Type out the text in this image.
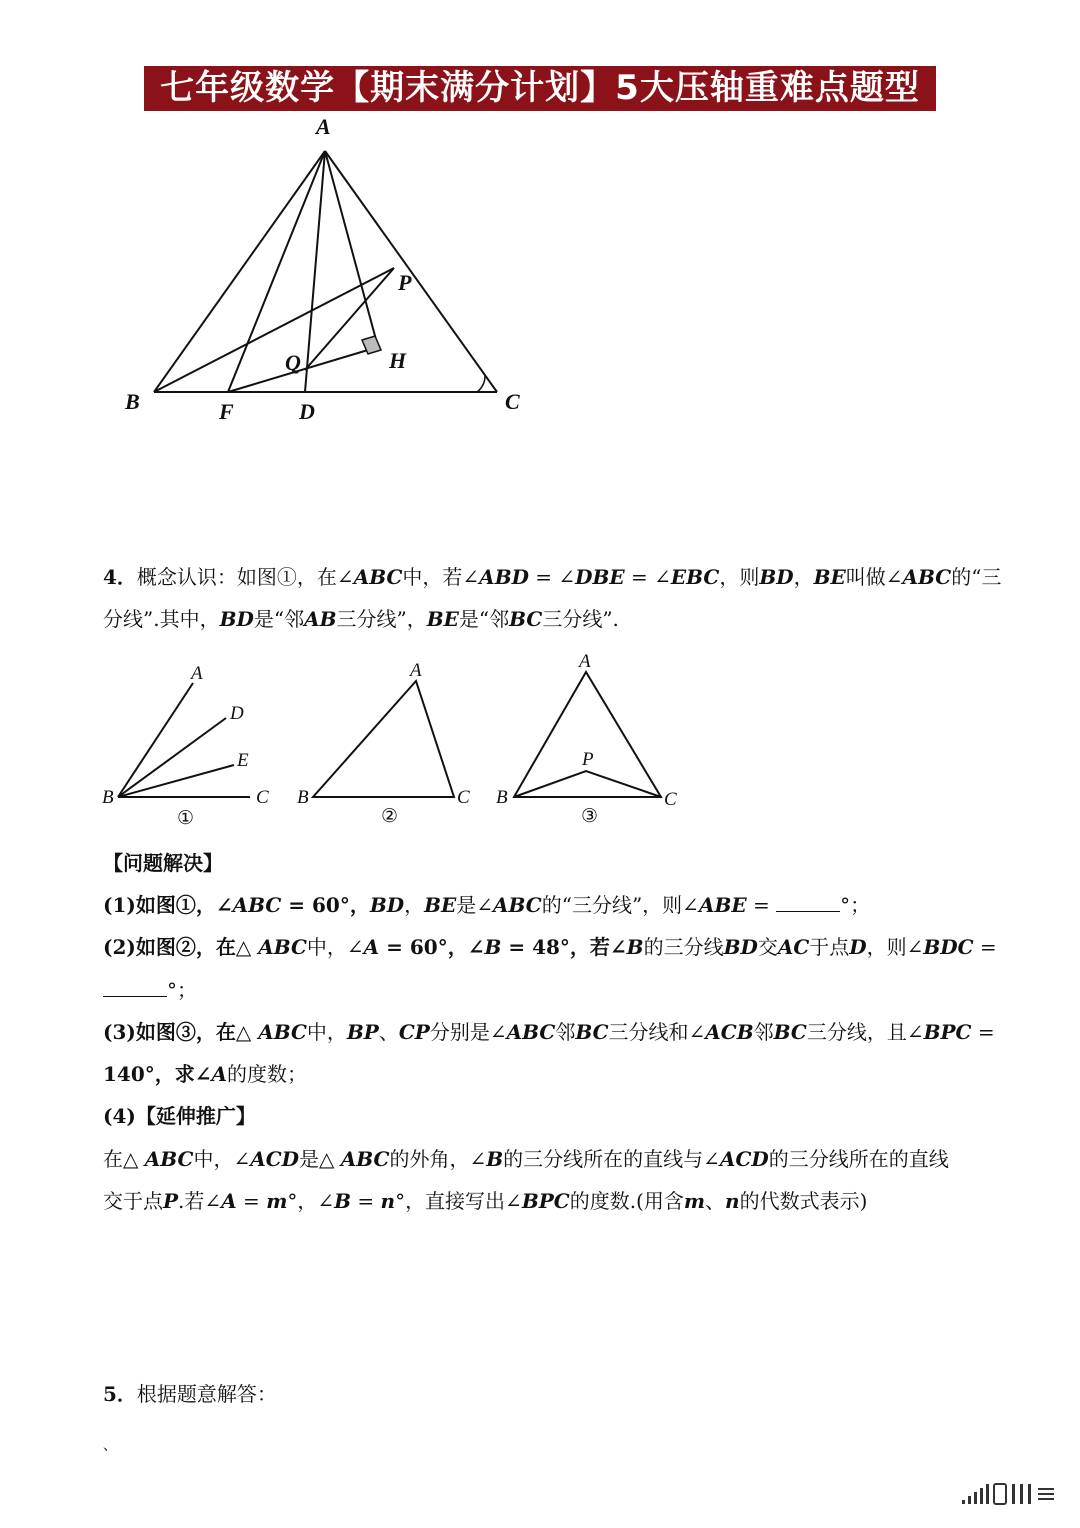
七年级数学【期末满分计划】5大压轴重难点题型
A
P
Q	H
B	F	D	C
4．概念认识：如图①，在∠ABC中，若∠ABD = ∠DBE = ∠EBC，则BD，BE叫做∠ABC的“三
分线”.其中，BD是“邻AB三分线”，BE是“邻BC三分线”.
A
D
E
B	C
①
A
B	C
②
A
P
B	C
③
【问题解决】
(1)如图①，∠ABC = 60°，BD，BE是∠ABC的“三分线”，则∠ABE =	°；
(2)如图②，在△ ABC中，∠A = 60°，∠B = 48°，若∠B的三分线BD交AC于点D，则∠BDC =
°；
(3)如图③，在△ ABC中，BP、CP分别是∠ABC邻BC三分线和∠ACB邻BC三分线，且∠BPC =
140°，求∠A的度数；
(4)【延伸推广】
在△ ABC中，∠ACD是△ ABC的外角，∠B的三分线所在的直线与∠ACD的三分线所在的直线
交于点P.若∠A = m°，∠B = n°，直接写出∠BPC的度数.(用含m、n的代数式表示)
5．根据题意解答：
、
